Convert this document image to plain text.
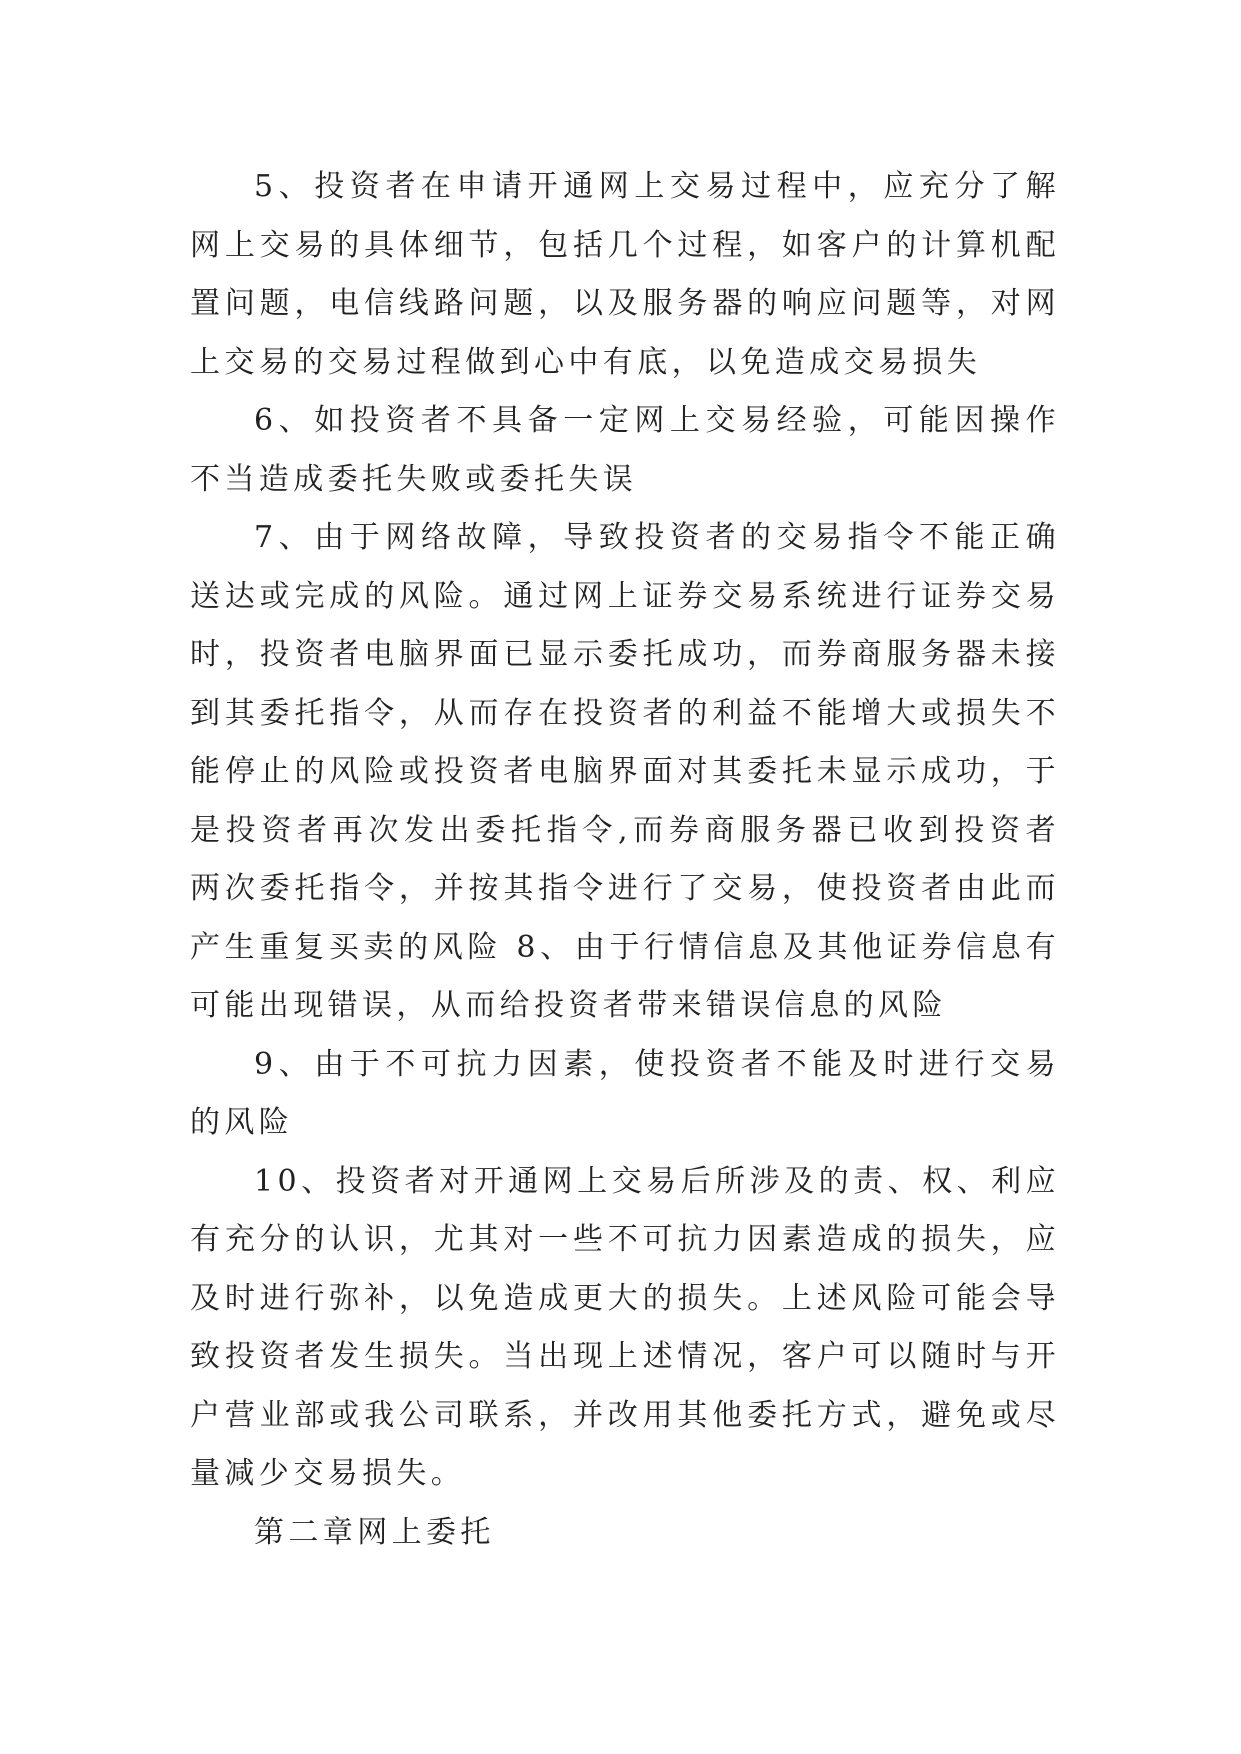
5、投资者在申请开通网上交易过程中，应充分了解网上交易的具体细节，包括几个过程，如客户的计算机配置问题，电信线路问题，以及服务器的响应问题等，对网上交易的交易过程做到心中有底，以免造成交易损失

6、如投资者不具备一定网上交易经验，可能因操作不当造成委托失败或委托失误

7、由于网络故障，导致投资者的交易指令不能正确送达或完成的风险。通过网上证券交易系统进行证券交易时，投资者电脑界面已显示委托成功，而券商服务器未接到其委托指令，从而存在投资者的利益不能增大或损失不能停止的风险或投资者电脑界面对其委托未显示成功，于是投资者再次发出委托指令,而券商服务器已收到投资者两次委托指令，并按其指令进行了交易，使投资者由此而产生重复买卖的风险 8、由于行情信息及其他证券信息有可能出现错误，从而给投资者带来错误信息的风险

9、由于不可抗力因素，使投资者不能及时进行交易的风险

10、投资者对开通网上交易后所涉及的责、权、利应有充分的认识，尤其对一些不可抗力因素造成的损失，应及时进行弥补，以免造成更大的损失。上述风险可能会导致投资者发生损失。当出现上述情况，客户可以随时与开户营业部或我公司联系，并改用其他委托方式，避免或尽量减少交易损失。

第二章网上委托
